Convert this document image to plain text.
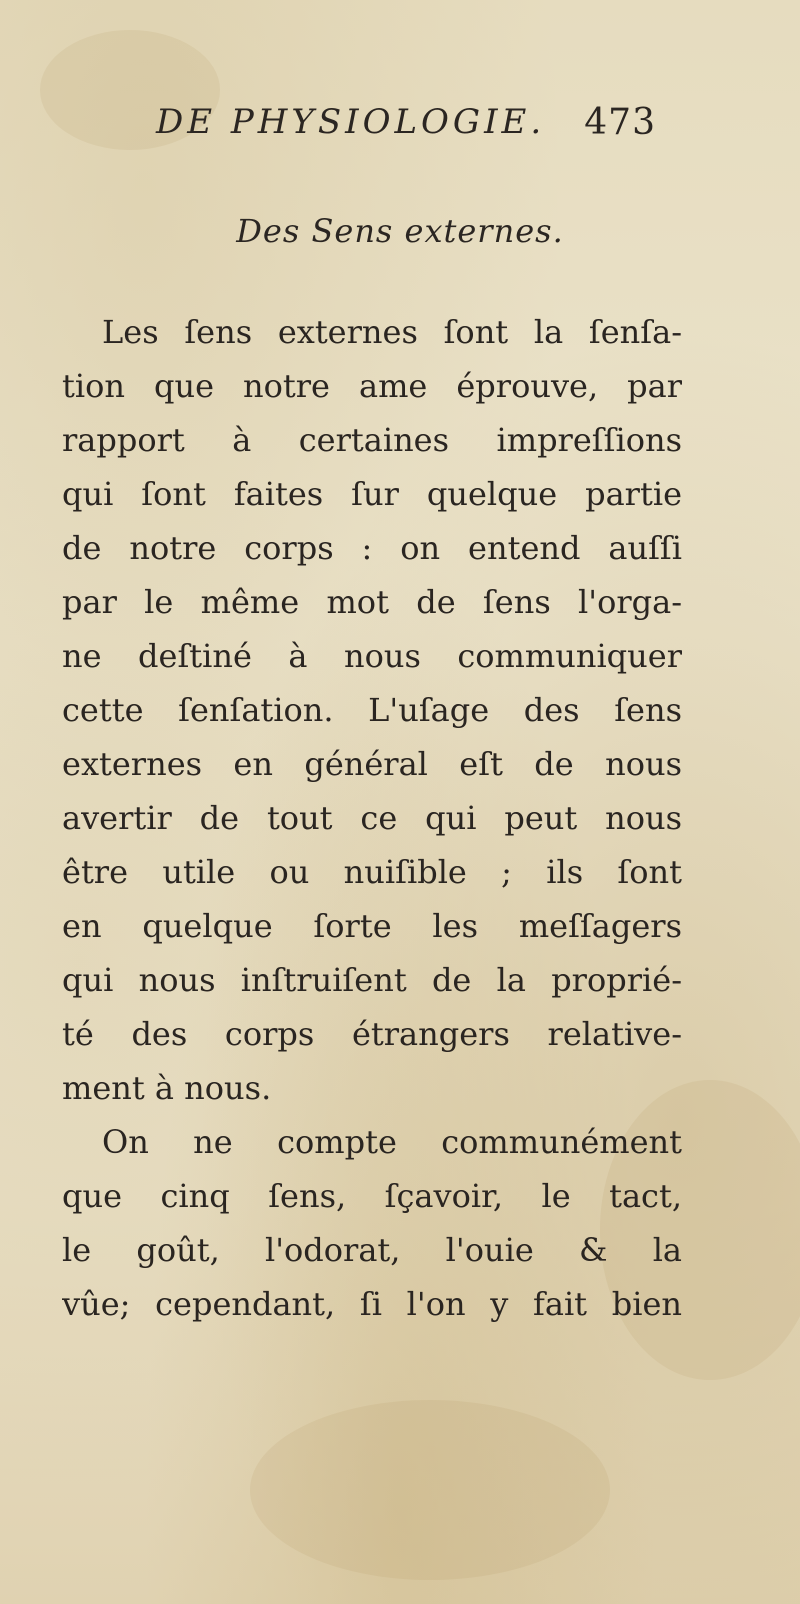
DE PHYSIOLOGIE. 473
Des Sens externes.
Les ſens externes ſont la ſenſa-
tion que notre ame éprouve, par
rapport à certaines impreſſions
qui ſont faites ſur quelque partie
de notre corps : on entend auſſi
par le même mot de ſens l'orga-
ne deſtiné à nous communiquer
cette ſenſation. L'uſage des ſens
externes en général eſt de nous
avertir de tout ce qui peut nous
être utile ou nuiſible ; ils ſont
en quelque ſorte les meſſagers
qui nous inſtruiſent de la proprié-
té des corps étrangers relative-
ment à nous.
On ne compte communément
que cinq ſens, ſçavoir, le tact,
le goût, l'odorat, l'ouie & la
vûe; cependant, ſi l'on y fait bien
